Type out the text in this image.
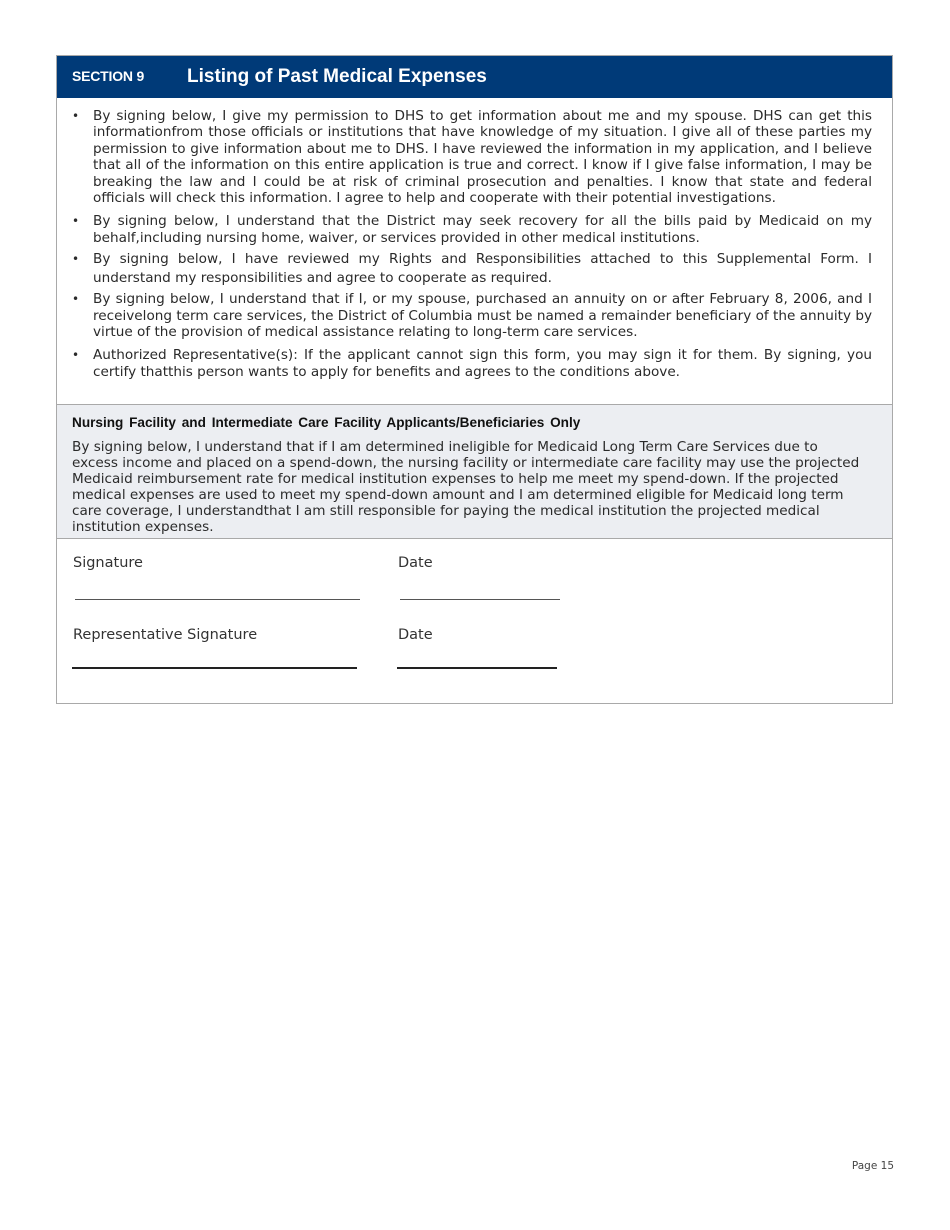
SECTION 9 Listing of Past Medical Expenses
• By signing below, I give my permission to DHS to get information about me and my spouse. DHS can get this informationfrom those officials or institutions that have knowledge of my situation. I give all of these parties my permission to give information about me to DHS. I have reviewed the information in my application, and I believe that all of the information on this entire application is true and correct. I know if I give false information, I may be breaking the law and I could be at risk of criminal prosecution and penalties. I know that state and federal officials will check this information. I agree to help and cooperate with their potential investigations.
• By signing below, I understand that the District may seek recovery for all the bills paid by Medicaid on my behalf,including nursing home, waiver, or services provided in other medical institutions.
• By signing below, I have reviewed my Rights and Responsibilities attached to this Supplemental Form. I understand my responsibilities and agree to cooperate as required.
• By signing below, I understand that if I, or my spouse, purchased an annuity on or after February 8, 2006, and I receivelong term care services, the District of Columbia must be named a remainder beneficiary of the annuity by virtue of the provision of medical assistance relating to long-term care services.
• Authorized Representative(s): If the applicant cannot sign this form, you may sign it for them. By signing, you certify thatthis person wants to apply for benefits and agrees to the conditions above.
Nursing Facility and Intermediate Care Facility Applicants/Beneficiaries Only

By signing below, I understand that if I am determined ineligible for Medicaid Long Term Care Services due to excess income and placed on a spend-down, the nursing facility or intermediate care facility may use the projected Medicaid reimbursement rate for medical institution expenses to help me meet my spend-down. If the projected medical expenses are used to meet my spend-down amount and I am determined eligible for Medicaid long term care coverage, I understandthat I am still responsible for paying the medical institution the projected medical institution expenses.

Signature	Date
Representative Signature	Date
Page 15
